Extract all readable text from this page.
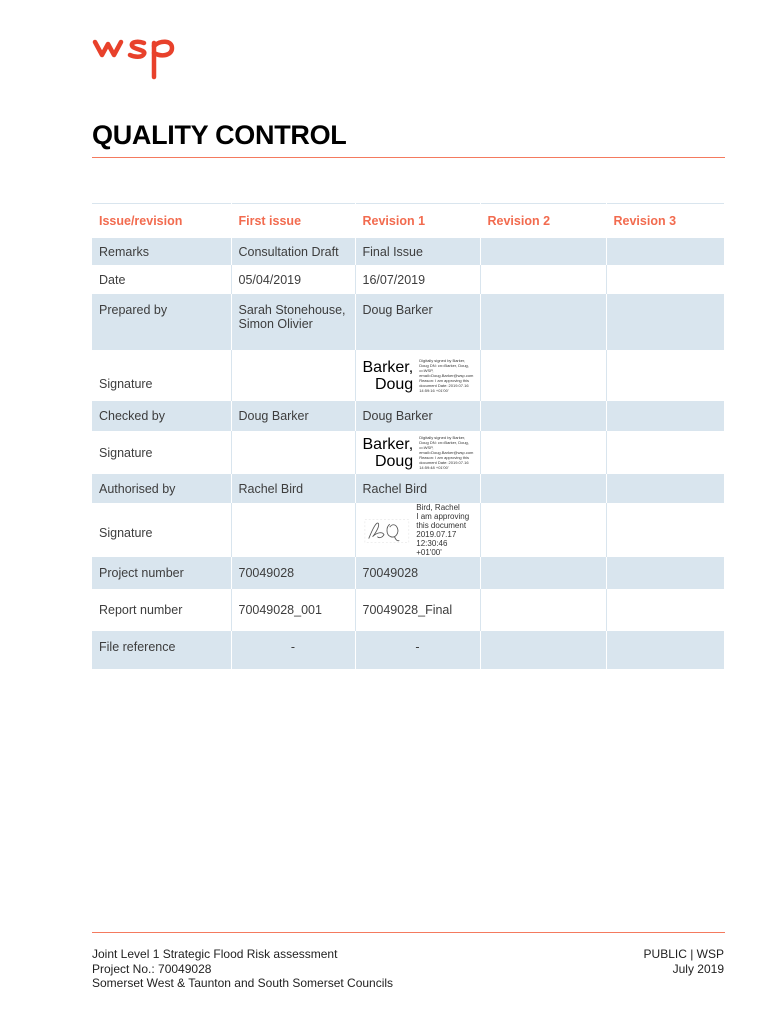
QUALITY CONTROL
Issue/revision	First issue	Revision 1	Revision 2	Revision 3
Remarks	Consultation Draft	Final Issue		
Date	05/04/2019	16/07/2019		
Prepared by	Sarah Stonehouse, Simon Olivier	Doug Barker		
Signature		Barker,
Doug
Digitally signed by Barker, Doug DN: cn=Barker, Doug, o=WSP, email=Doug.Barker@wsp.com Reason: I am approving this document Date: 2019.07.16 14:59:16 +01'00'		

Checked by	Doug Barker	Doug Barker		
Signature		Barker,
Doug
Digitally signed by Barker, Doug DN: cn=Barker, Doug, o=WSP, email=Doug.Barker@wsp.com Reason: I am approving this document Date: 2019.07.16 14:59:48 +01'00'		

Authorised by	Rachel Bird	Rachel Bird		
Signature		Bird, Rachel
I am approving
this document
2019.07.17
12:30:46 +01'00'		

Project number	70049028	70049028		
Report number	70049028_001	70049028_Final		
File reference	-	-		
Joint Level 1 Strategic Flood Risk assessment
Project No.: 70049028
Somerset West & Taunton and South Somerset Councils
PUBLIC | WSP
July 2019
